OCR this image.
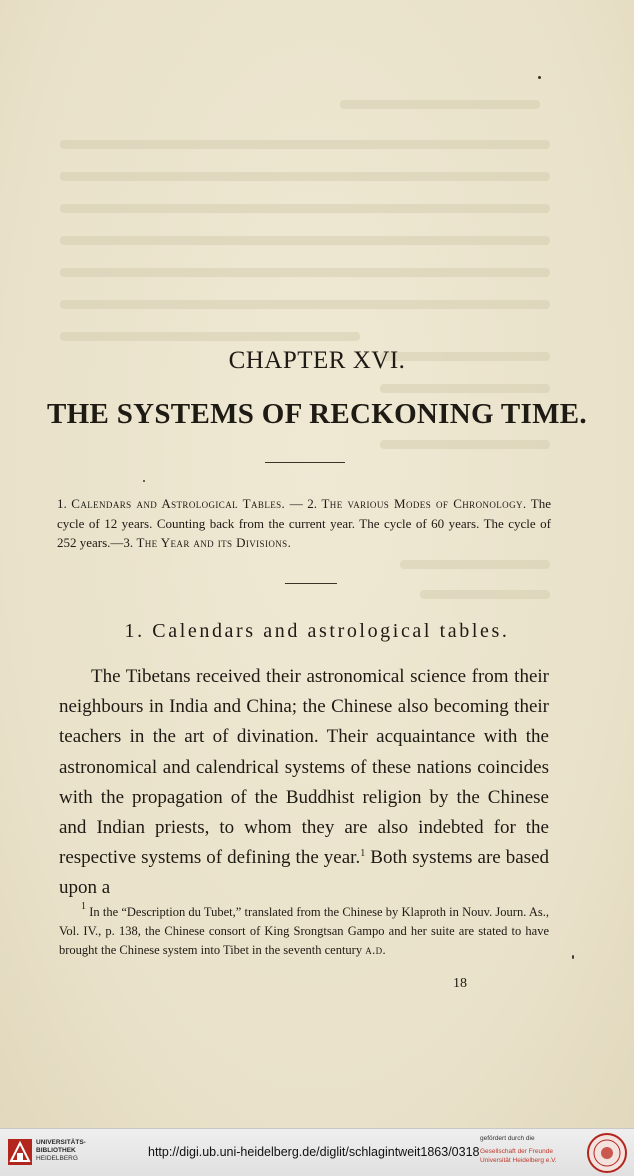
CHAPTER XVI.
THE SYSTEMS OF RECKONING TIME.

1. Calendars and Astrological Tables. — 2. The various Modes of Chronology. The cycle of 12 years. Counting back from the current year. The cycle of 60 years. The cycle of 252 years.—3. The Year and its Divisions.

1. Calendars and astrological tables.

The Tibetans received their astronomical science from their neighbours in India and China; the Chinese also becoming their teachers in the art of divination. Their acquaintance with the astronomical and calendrical systems of these nations coincides with the propagation of the Buddhist religion by the Chinese and Indian priests, to whom they are also indebted for the respective systems of defining the year.$^1$ Both systems are based upon a

$^1$ In the “Description du Tubet,” translated from the Chinese by Klaproth in Nouv. Journ. As., Vol. IV., p. 138, the Chinese consort of King Srongtsan Gampo and her suite are stated to have brought the Chinese system into Tibet in the seventh century a.d.

18
UNIVERSITÄTS-
BIBLIOTHEK
HEIDELBERG	http://digi.ub.uni-heidelberg.de/diglit/schlagintweit1863/0318
gefördert durch die
Gesellschaft der Freunde
Universität Heidelberg e.V.
